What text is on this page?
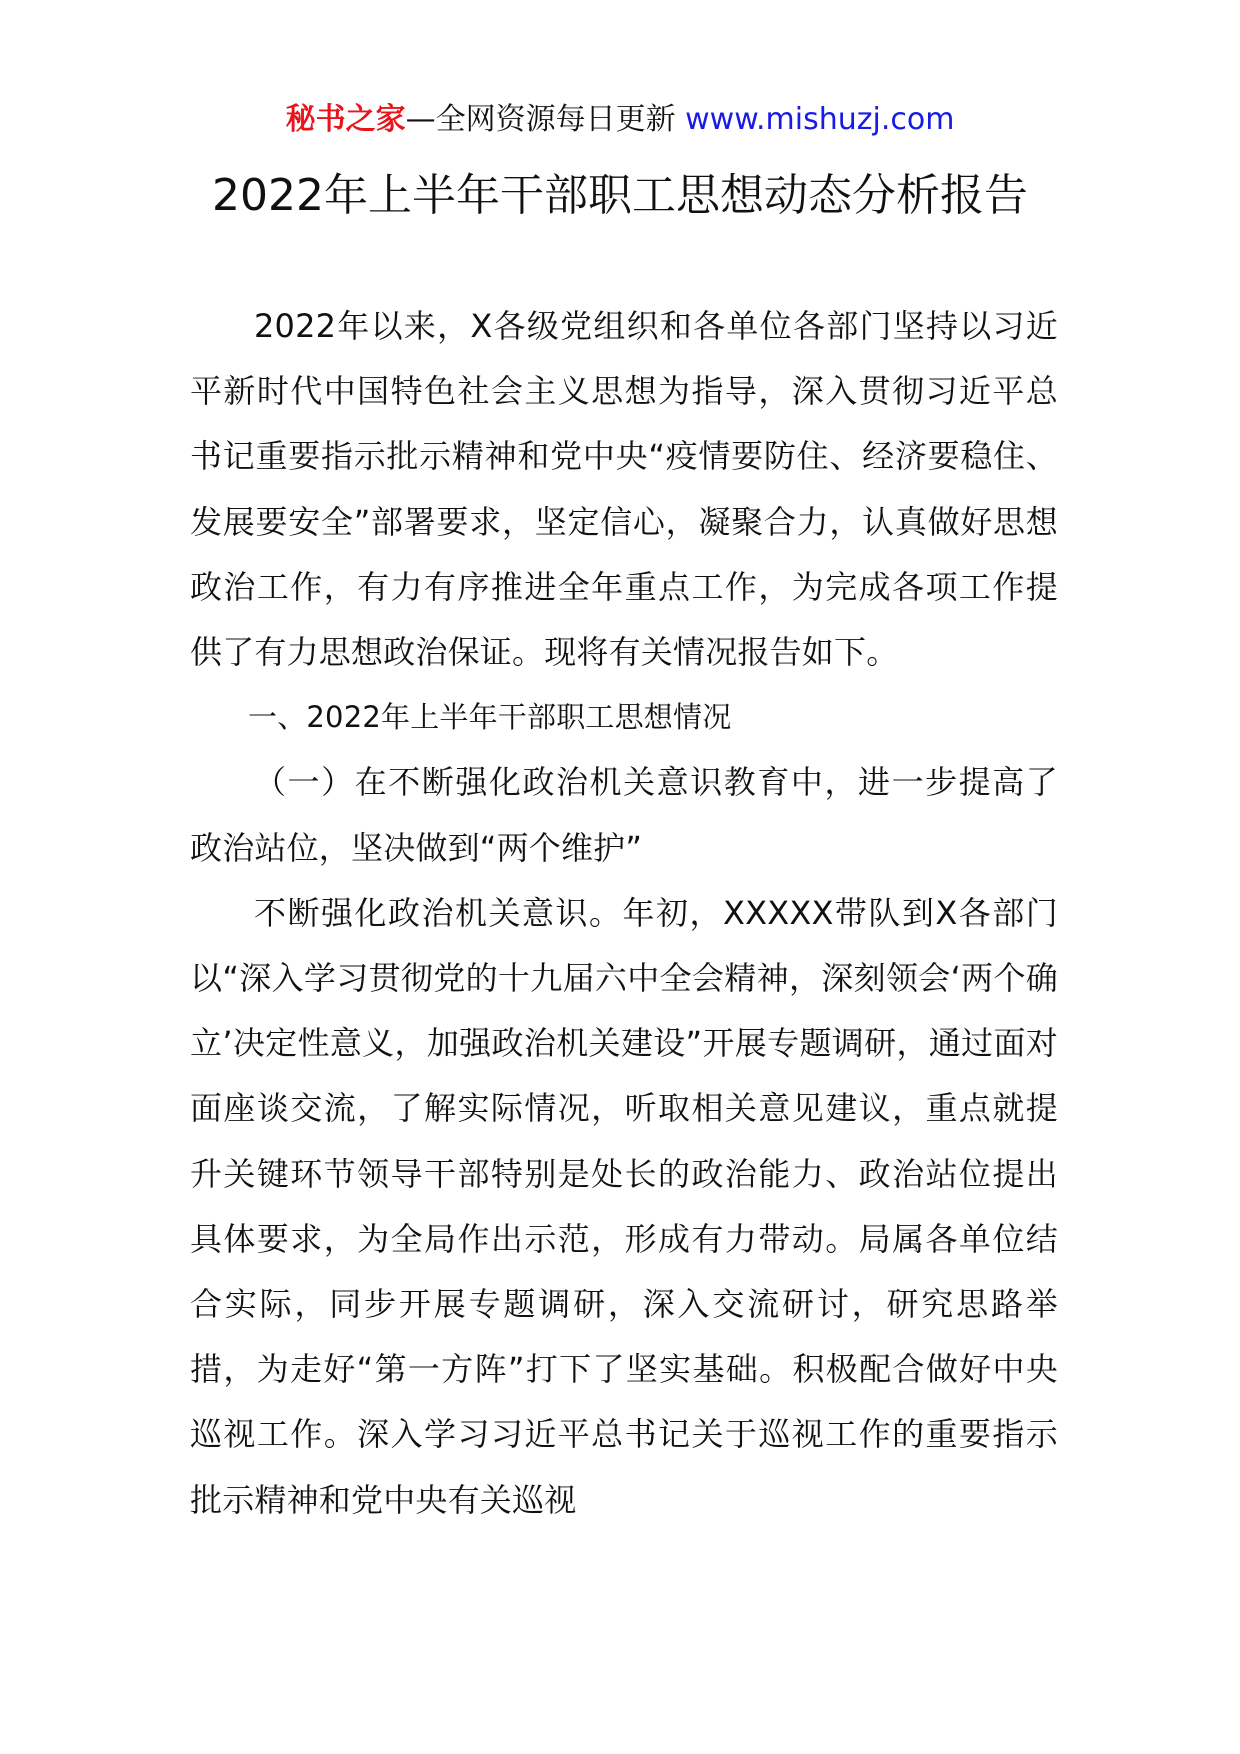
秘书之家—全网资源每日更新 www.mishuzj.com
2022年上半年干部职工思想动态分析报告

2022年以来，X各级党组织和各单位各部门坚持以习近平新时代中国特色社会主义思想为指导，深入贯彻习近平总书记重要指示批示精神和党中央“疫情要防住、经济要稳住、发展要安全”部署要求，坚定信心，凝聚合力，认真做好思想政治工作，有力有序推进全年重点工作，为完成各项工作提供了有力思想政治保证。现将有关情况报告如下。

一、2022年上半年干部职工思想情况

（一）在不断强化政治机关意识教育中，进一步提高了政治站位，坚决做到“两个维护”

不断强化政治机关意识。年初，XXXXX带队到X各部门以“深入学习贯彻党的十九届六中全会精神，深刻领会‘两个确立’决定性意义，加强政治机关建设”开展专题调研，通过面对面座谈交流，了解实际情况，听取相关意见建议，重点就提升关键环节领导干部特别是处长的政治能力、政治站位提出具体要求，为全局作出示范，形成有力带动。局属各单位结合实际，同步开展专题调研，深入交流研讨，研究思路举措，为走好“第一方阵”打下了坚实基础。积极配合做好中央巡视工作。深入学习习近平总书记关于巡视工作的重要指示批示精神和党中央有关巡视
